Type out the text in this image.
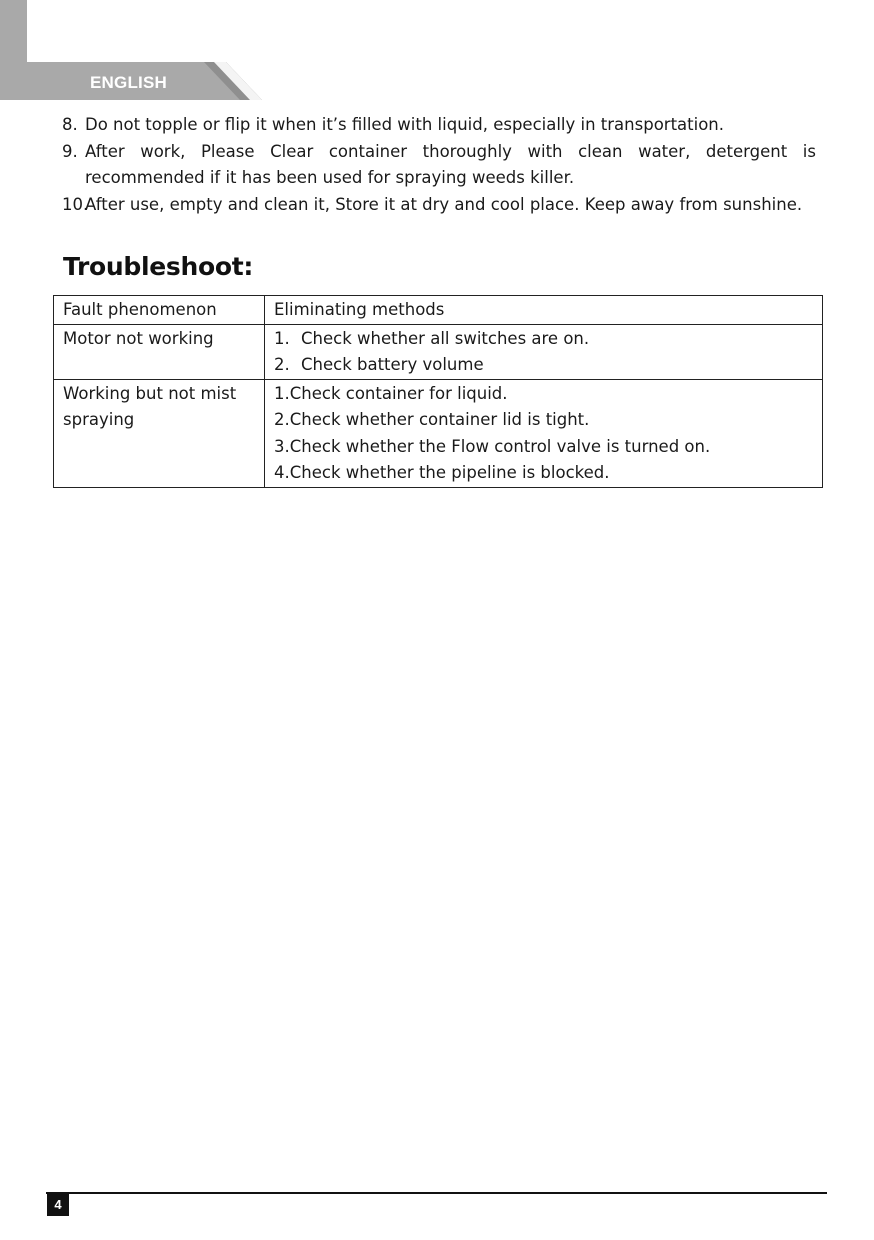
ENGLISH
8. Do not topple or flip it when it’s filled with liquid, especially in transportation.
9. After work, Please Clear container thoroughly with clean water, detergent is recommended if it has been used for spraying weeds killer.
10.
After use, empty and clean it, Store it at dry and cool place. Keep away from sunshine.
Troubleshoot:
Fault phenomenon	Eliminating methods
Motor not working	1. Check whether all switches are on.
2. Check battery volume

Working but not mist spraying	1.Check container for liquid.
2.Check whether container lid is tight.
3.Check whether the Flow control valve is turned on.
4.Check whether the pipeline is blocked.
4
